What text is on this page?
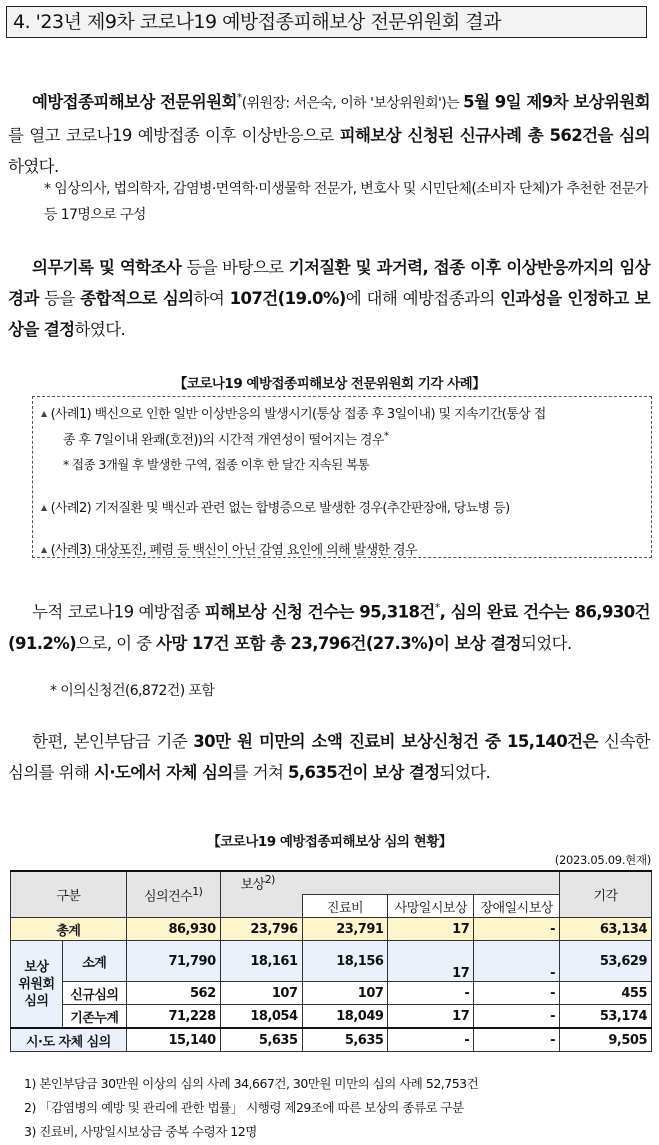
4. '23년 제9차 코로나19 예방접종피해보상 전문위원회 결과

예방접종피해보상 전문위원회*(위원장: 서은숙, 이하 '보상위원회')는 5월 9일 제9차 보상위원회를 열고 코로나19 예방접종 이후 이상반응으로 피해보상 신청된 신규사례 총 562건을 심의하였다.

* 임상의사, 법의학자, 감염병·면역학·미생물학 전문가, 변호사 및 시민단체(소비자 단체)가 추천한 전문가 등 17명으로 구성

의무기록 및 역학조사 등을 바탕으로 기저질환 및 과거력, 접종 이후 이상반응까지의 임상경과 등을 종합적으로 심의하여 107건(19.0%)에 대해 예방접종과의 인과성을 인정하고 보상을 결정하였다.

【코로나19 예방접종피해보상 전문위원회 기각 사례】
▲ (사례1) 백신으로 인한 일반 이상반응의 발생시기(통상 접종 후 3일이내) 및 지속기간(통상 접
종 후 7일이내 완쾌(호전))의 시간적 개연성이 떨어지는 경우*
* 접종 3개월 후 발생한 구역, 접종 이후 한 달간 지속된 복통
▲ (사례2) 기저질환 및 백신과 관련 없는 합병증으로 발생한 경우(추간판장애, 당뇨병 등)
▲ (사례3) 대상포진, 폐렴 등 백신이 아닌 감염 요인에 의해 발생한 경우

누적 코로나19 예방접종 피해보상 신청 건수는 95,318건*, 심의 완료 건수는 86,930건(91.2%)으로, 이 중 사망 17건 포함 총 23,796건(27.3%)이 보상 결정되었다.

* 이의신청건(6,872건) 포함

한편, 본인부담금 기준 30만 원 미만의 소액 진료비 보상신청건 중 15,140건은 신속한 심의를 위해 시·도에서 자체 심의를 거쳐 5,635건이 보상 결정되었다.

【코로나19 예방접종피해보상 심의 현황】
(2023.05.09.현재)
구분		심의건수$^{1)}$	보상$^{2)}$				기각
				진료비	사망일시보상	장애일시보상	
총계		86,930	23,796	23,791	17	-	63,134
보상
위원회
심의	소계	71,790	18,161	18,156	17	-	53,629
	신규심의	562	107	107	-	-	455
	기존누계	71,228	18,054	18,049	17	-	53,174
시·도 자체 심의		15,140	5,635	5,635	-	-	9,505
1) 본인부담금 30만원 이상의 심의 사례 34,667건, 30만원 미만의 심의 사례 52,753건
2) 「감염병의 예방 및 관리에 관한 법률」 시행령 제29조에 따른 보상의 종류로 구분
3) 진료비, 사망일시보상금 중복 수령자 12명
